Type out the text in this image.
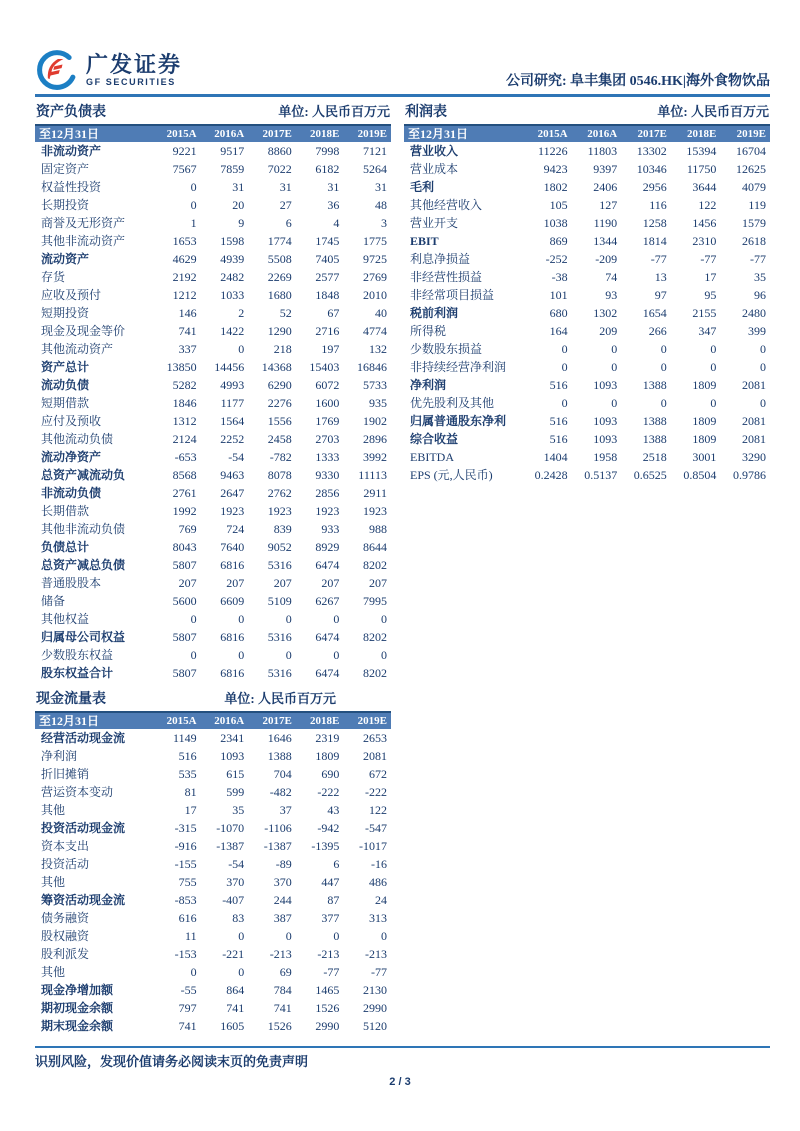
广发证券
GF SECURITIES	公司研究: 阜丰集团 0546.HK|海外食物饮品
资产负债表	单位: 人民币百万元
至12月31日	2015A	2016A	2017E	2018E	2019E
非流动资产	9221	9517	8860	7998	7121
固定资产	7567	7859	7022	6182	5264
权益性投资	0	31	31	31	31
长期投资	0	20	27	36	48
商誉及无形资产	1	9	6	4	3
其他非流动资产	1653	1598	1774	1745	1775
流动资产	4629	4939	5508	7405	9725
存货	2192	2482	2269	2577	2769
应收及预付	1212	1033	1680	1848	2010
短期投资	146	2	52	67	40
现金及现金等价	741	1422	1290	2716	4774
其他流动资产	337	0	218	197	132
资产总计	13850	14456	14368	15403	16846
流动负债	5282	4993	6290	6072	5733
短期借款	1846	1177	2276	1600	935
应付及预收	1312	1564	1556	1769	1902
其他流动负债	2124	2252	2458	2703	2896
流动净资产	-653	-54	-782	1333	3992
总资产减流动负	8568	9463	8078	9330	11113
非流动负债	2761	2647	2762	2856	2911
长期借款	1992	1923	1923	1923	1923
其他非流动负债	769	724	839	933	988
负债总计	8043	7640	9052	8929	8644
总资产减总负债	5807	6816	5316	6474	8202
普通股股本	207	207	207	207	207
储备	5600	6609	5109	6267	7995
其他权益	0	0	0	0	0
归属母公司权益	5807	6816	5316	6474	8202
少数股东权益	0	0	0	0	0
股东权益合计	5807	6816	5316	6474	8202
利润表	单位: 人民币百万元
至12月31日	2015A	2016A	2017E	2018E	2019E
营业收入	11226	11803	13302	15394	16704
营业成本	9423	9397	10346	11750	12625
毛利	1802	2406	2956	3644	4079
其他经营收入	105	127	116	122	119
营业开支	1038	1190	1258	1456	1579
EBIT	869	1344	1814	2310	2618
利息净损益	-252	-209	-77	-77	-77
非经营性损益	-38	74	13	17	35
非经常项目损益	101	93	97	95	96
税前利润	680	1302	1654	2155	2480
所得税	164	209	266	347	399
少数股东损益	0	0	0	0	0
非持续经营净利润	0	0	0	0	0
净利润	516	1093	1388	1809	2081
优先股利及其他	0	0	0	0	0
归属普通股东净利	516	1093	1388	1809	2081
综合收益	516	1093	1388	1809	2081
EBITDA	1404	1958	2518	3001	3290
EPS (元,人民币)	0.2428	0.5137	0.6525	0.8504	0.9786
现金流量表	单位: 人民币百万元
至12月31日	2015A	2016A	2017E	2018E	2019E
经营活动现金流	1149	2341	1646	2319	2653
净利润	516	1093	1388	1809	2081
折旧摊销	535	615	704	690	672
营运资本变动	81	599	-482	-222	-222
其他	17	35	37	43	122
投资活动现金流	-315	-1070	-1106	-942	-547
资本支出	-916	-1387	-1387	-1395	-1017
投资活动	-155	-54	-89	6	-16
其他	755	370	370	447	486
筹资活动现金流	-853	-407	244	87	24
债务融资	616	83	387	377	313
股权融资	11	0	0	0	0
股利派发	-153	-221	-213	-213	-213
其他	0	0	69	-77	-77
现金净增加额	-55	864	784	1465	2130
期初现金余额	797	741	741	1526	2990
期末现金余额	741	1605	1526	2990	5120
识别风险，发现价值请务必阅读末页的免责声明
2 / 3
